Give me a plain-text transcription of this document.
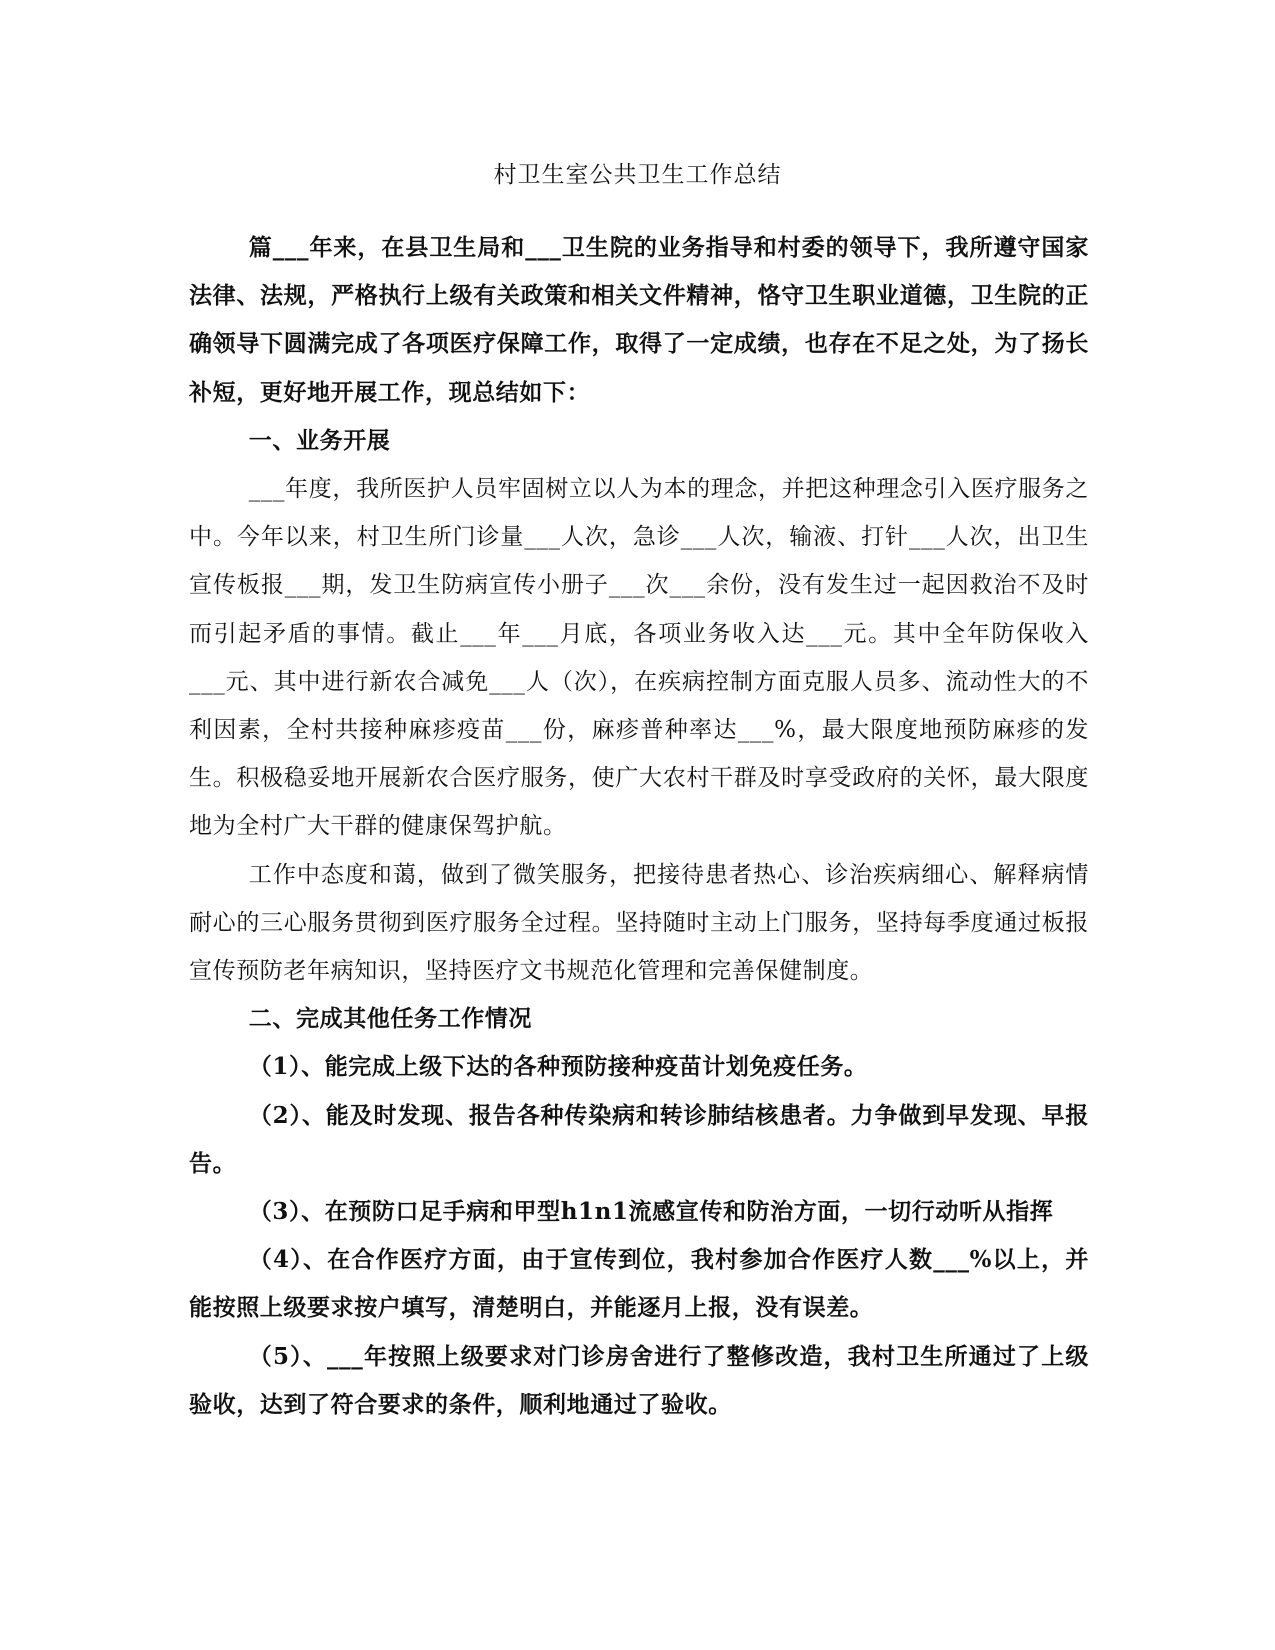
村卫生室公共卫生工作总结

篇___年来，在县卫生局和___卫生院的业务指导和村委的领导下，我所遵守国家法律、法规，严格执行上级有关政策和相关文件精神，恪守卫生职业道德，卫生院的正确领导下圆满完成了各项医疗保障工作，取得了一定成绩，也存在不足之处，为了扬长补短，更好地开展工作，现总结如下：

一、业务开展

___年度，我所医护人员牢固树立以人为本的理念，并把这种理念引入医疗服务之中。今年以来，村卫生所门诊量___人次，急诊___人次，输液、打针___人次，出卫生宣传板报___期，发卫生防病宣传小册子___次___余份，没有发生过一起因救治不及时而引起矛盾的事情。截止___年___月底，各项业务收入达___元。其中全年防保收入___元、其中进行新农合减免___人（次），在疾病控制方面克服人员多、流动性大的不利因素，全村共接种麻疹疫苗___份，麻疹普种率达___%，最大限度地预防麻疹的发生。积极稳妥地开展新农合医疗服务，使广大农村干群及时享受政府的关怀，最大限度地为全村广大干群的健康保驾护航。

工作中态度和蔼，做到了微笑服务，把接待患者热心、诊治疾病细心、解释病情耐心的三心服务贯彻到医疗服务全过程。坚持随时主动上门服务，坚持每季度通过板报宣传预防老年病知识，坚持医疗文书规范化管理和完善保健制度。

二、完成其他任务工作情况

（1）、能完成上级下达的各种预防接种疫苗计划免疫任务。

（2）、能及时发现、报告各种传染病和转诊肺结核患者。力争做到早发现、早报告。

（3）、在预防口足手病和甲型h1n1流感宣传和防治方面，一切行动听从指挥

（4）、在合作医疗方面，由于宣传到位，我村参加合作医疗人数___%以上，并能按照上级要求按户填写，清楚明白，并能逐月上报，没有误差。

（5）、___年按照上级要求对门诊房舍进行了整修改造，我村卫生所通过了上级验收，达到了符合要求的条件，顺利地通过了验收。
